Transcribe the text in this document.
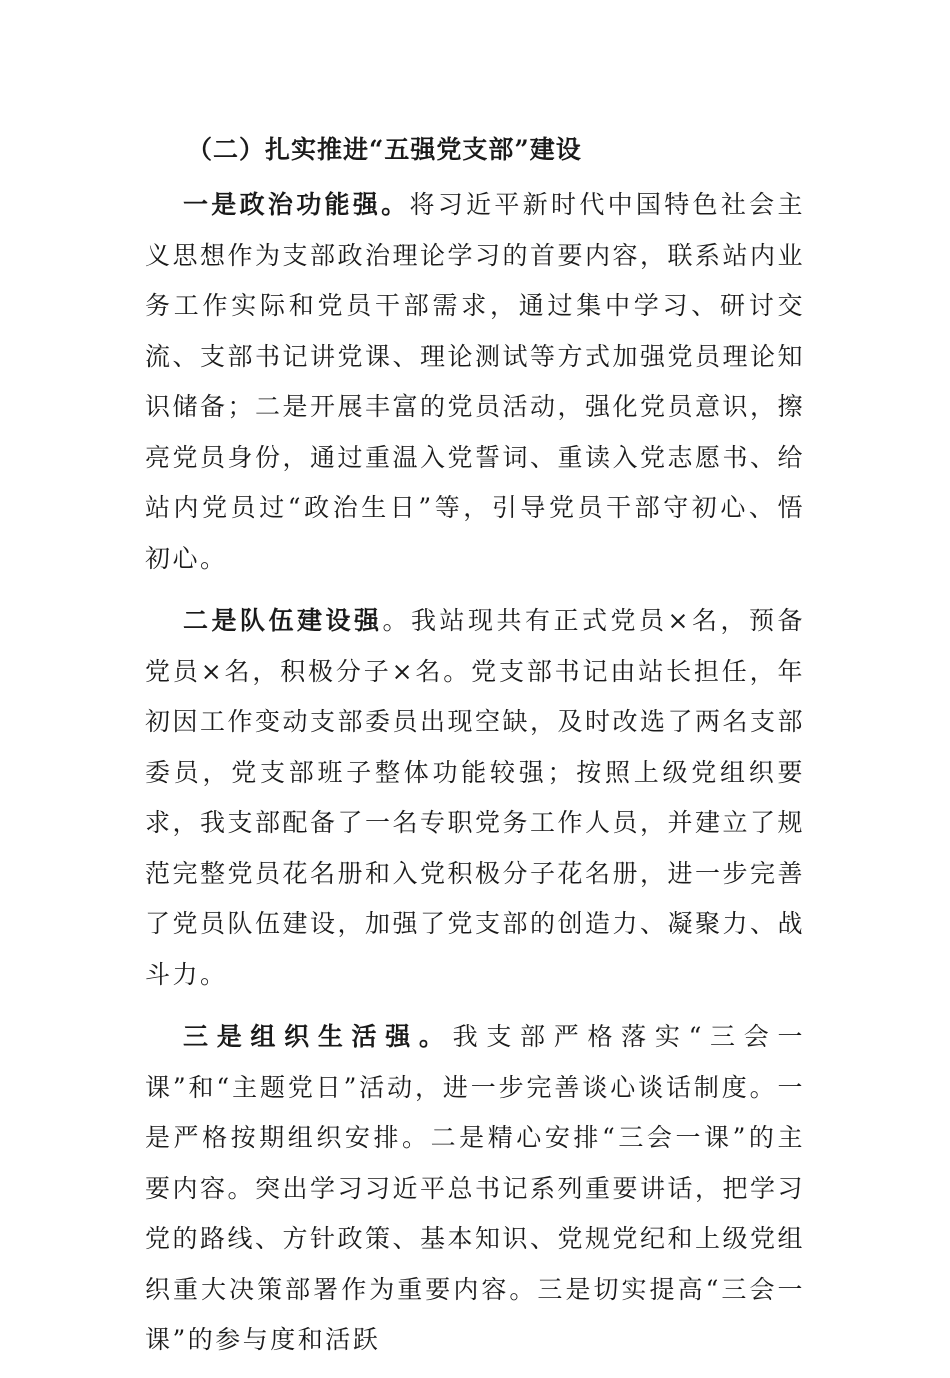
（二）扎实推进“五强党支部”建设

一是政治功能强。将习近平新时代中国特色社会主义思想作为支部政治理论学习的首要内容，联系站内业务工作实际和党员干部需求，通过集中学习、研讨交流、支部书记讲党课、理论测试等方式加强党员理论知识储备；二是开展丰富的党员活动，强化党员意识，擦亮党员身份，通过重温入党誓词、重读入党志愿书、给站内党员过“政治生日”等，引导党员干部守初心、悟初心。

二是队伍建设强。我站现共有正式党员×名，预备党员×名，积极分子×名。党支部书记由站长担任，年初因工作变动支部委员出现空缺，及时改选了两名支部委员，党支部班子整体功能较强；按照上级党组织要求，我支部配备了一名专职党务工作人员，并建立了规范完整党员花名册和入党积极分子花名册，进一步完善了党员队伍建设，加强了党支部的创造力、凝聚力、战斗力。

三是组织生活强。我支部严格落实“三会一课”和“主题党日”活动，进一步完善谈心谈话制度。一是严格按期组织安排。二是精心安排“三会一课”的主要内容。突出学习习近平总书记系列重要讲话，把学习党的路线、方针政策、基本知识、党规党纪和上级党组织重大决策部署作为重要内容。三是切实提高“三会一课”的参与度和活跃
